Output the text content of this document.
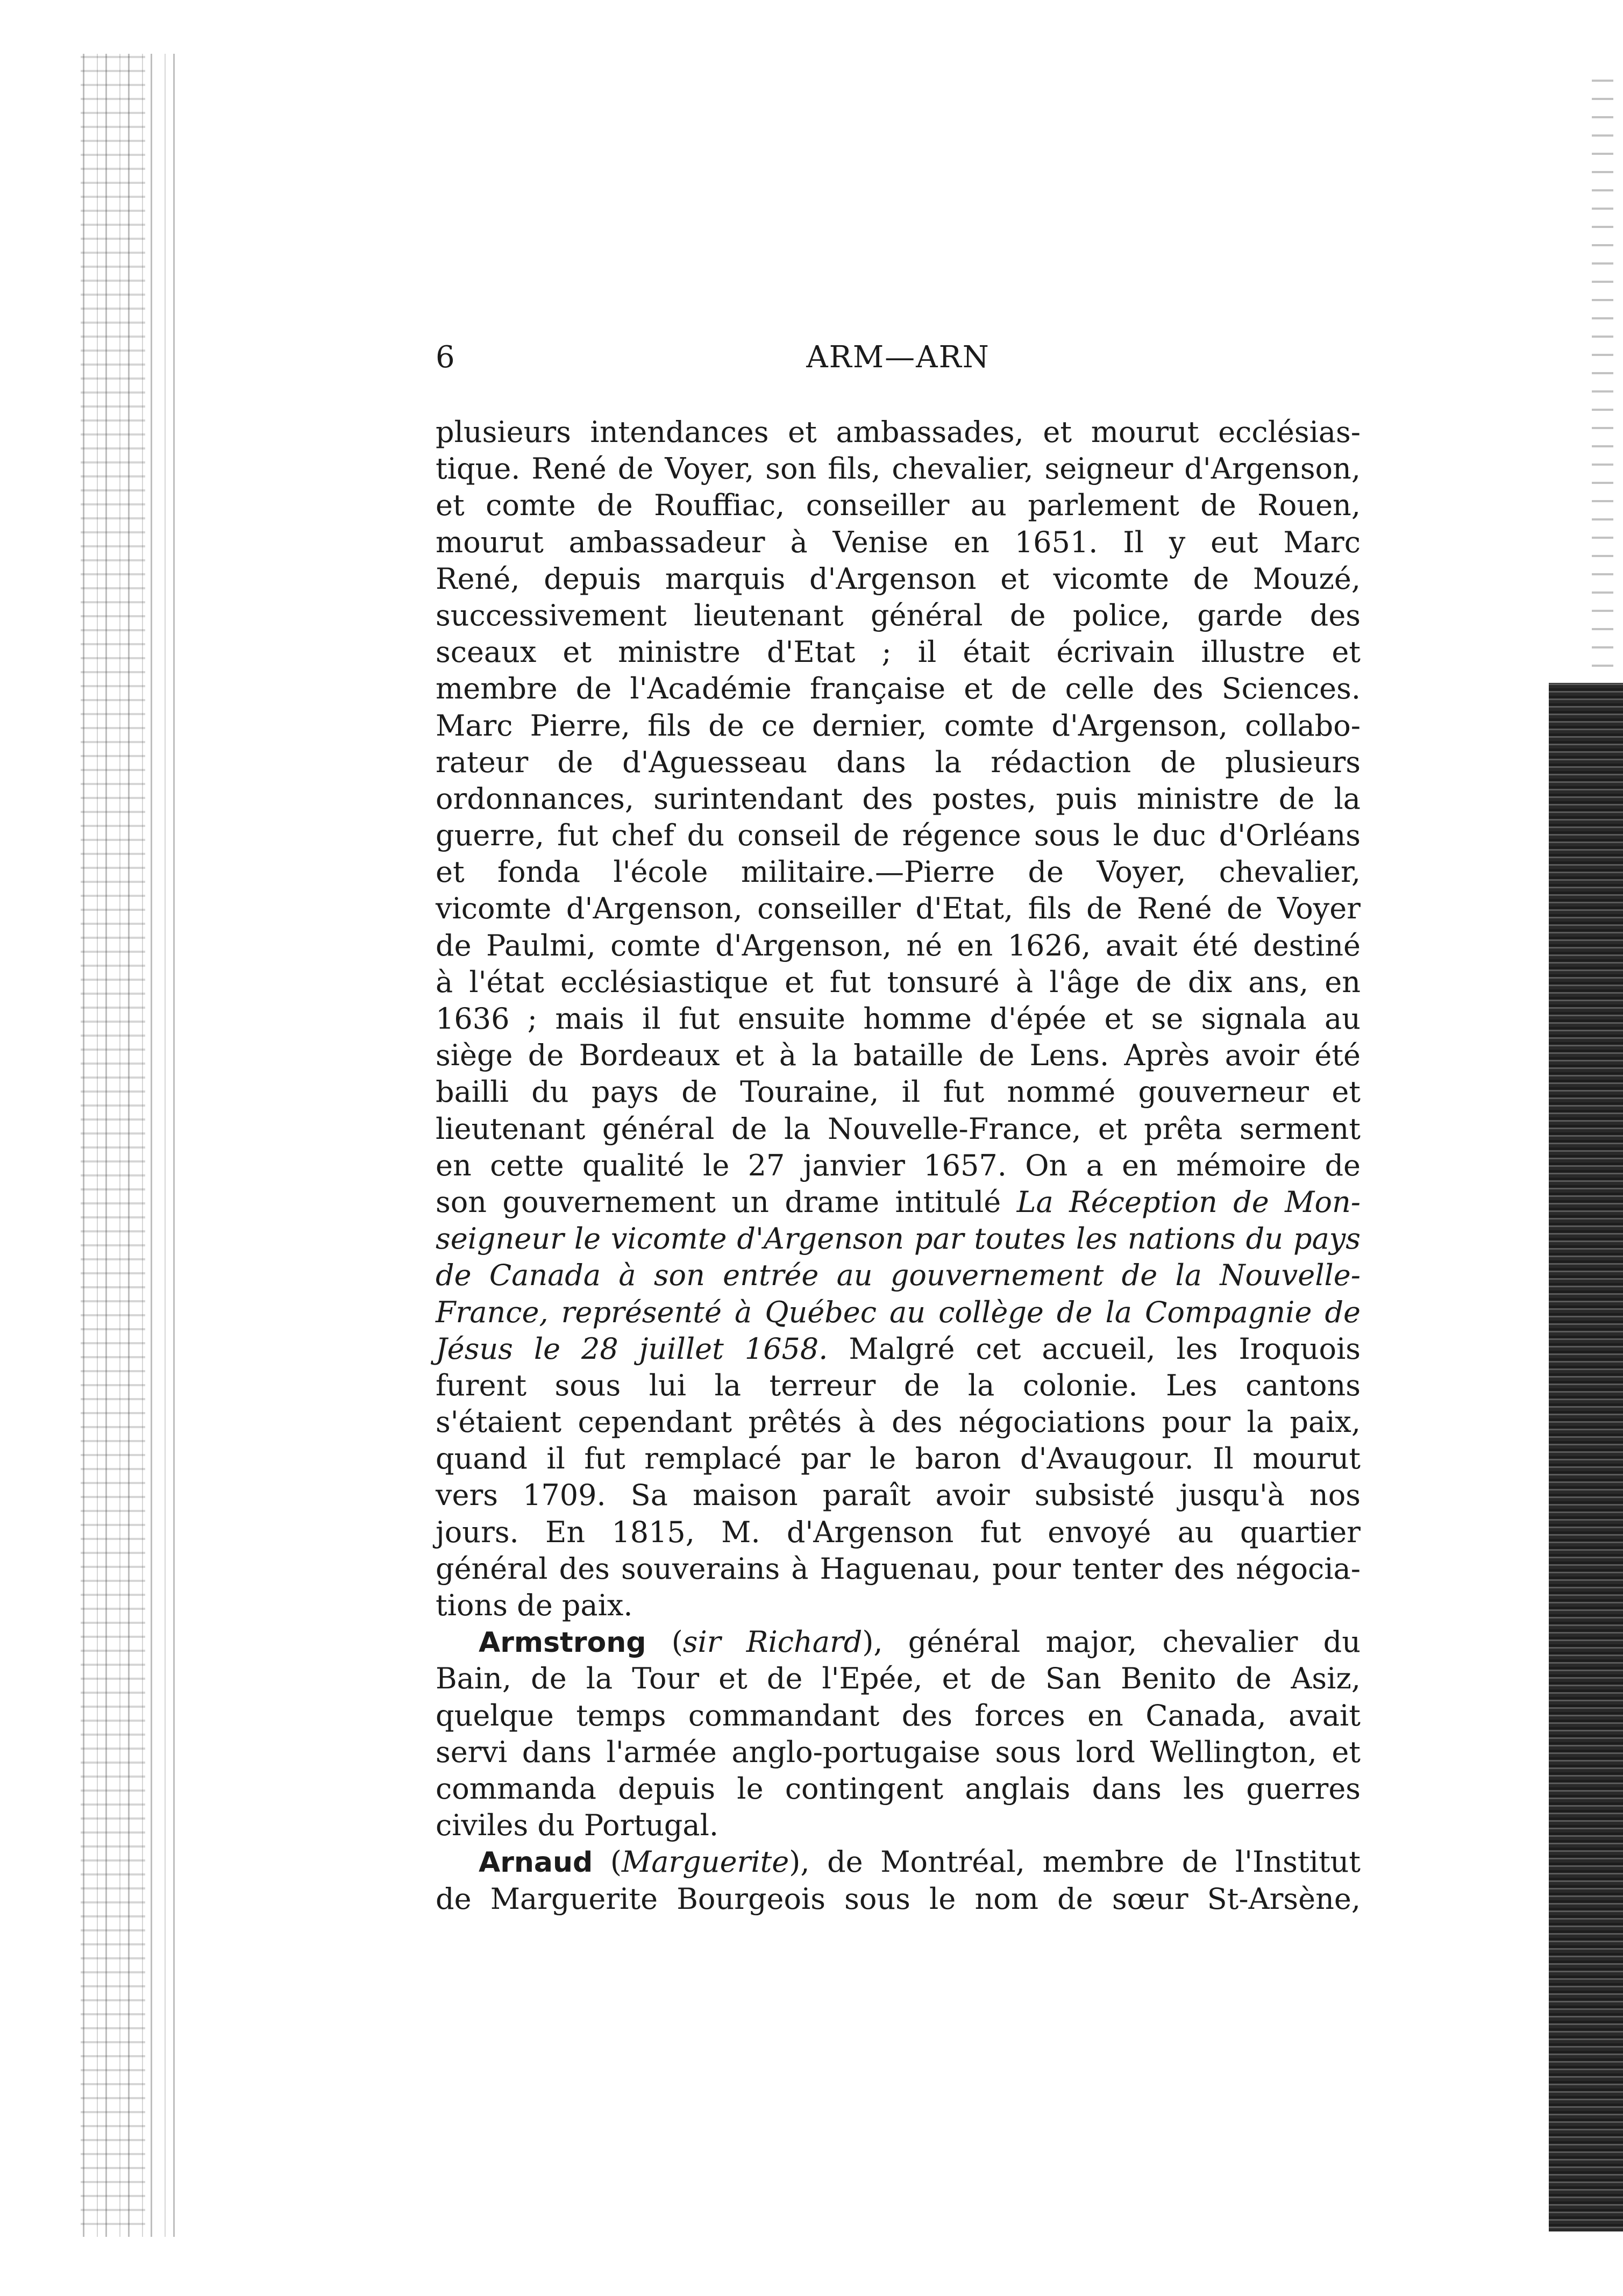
6	ARM—ARN
plusieurs intendances et ambassades, et mourut ecclésias-
tique. René de Voyer, son fils, chevalier, seigneur d'Argenson,
et comte de Rouffiac, conseiller au parlement de Rouen,
mourut ambassadeur à Venise en 1651. Il y eut Marc
René, depuis marquis d'Argenson et vicomte de Mouzé,
successivement lieutenant général de police, garde des
sceaux et ministre d'Etat ; il était écrivain illustre et
membre de l'Académie française et de celle des Sciences.
Marc Pierre, fils de ce dernier, comte d'Argenson, collabo-
rateur de d'Aguesseau dans la rédaction de plusieurs
ordonnances, surintendant des postes, puis ministre de la
guerre, fut chef du conseil de régence sous le duc d'Orléans
et fonda l'école militaire.—Pierre de Voyer, chevalier,
vicomte d'Argenson, conseiller d'Etat, fils de René de Voyer
de Paulmi, comte d'Argenson, né en 1626, avait été destiné
à l'état ecclésiastique et fut tonsuré à l'âge de dix ans, en
1636 ; mais il fut ensuite homme d'épée et se signala au
siège de Bordeaux et à la bataille de Lens. Après avoir été
bailli du pays de Touraine, il fut nommé gouverneur et
lieutenant général de la Nouvelle-France, et prêta serment
en cette qualité le 27 janvier 1657. On a en mémoire de
son gouvernement un drame intitulé La Réception de Mon-
seigneur le vicomte d'Argenson par toutes les nations du pays
de Canada à son entrée au gouvernement de la Nouvelle-
France, représenté à Québec au collège de la Compagnie de
Jésus le 28 juillet 1658. Malgré cet accueil, les Iroquois
furent sous lui la terreur de la colonie. Les cantons
s'étaient cependant prêtés à des négociations pour la paix,
quand il fut remplacé par le baron d'Avaugour. Il mourut
vers 1709. Sa maison paraît avoir subsisté jusqu'à nos
jours. En 1815, M. d'Argenson fut envoyé au quartier
général des souverains à Haguenau, pour tenter des négocia-
tions de paix.
Armstrong (sir Richard), général major, chevalier du
Bain, de la Tour et de l'Epée, et de San Benito de Asiz,
quelque temps commandant des forces en Canada, avait
servi dans l'armée anglo-portugaise sous lord Wellington, et
commanda depuis le contingent anglais dans les guerres
civiles du Portugal.
Arnaud (Marguerite), de Montréal, membre de l'Institut
de Marguerite Bourgeois sous le nom de sœur St-Arsène,
